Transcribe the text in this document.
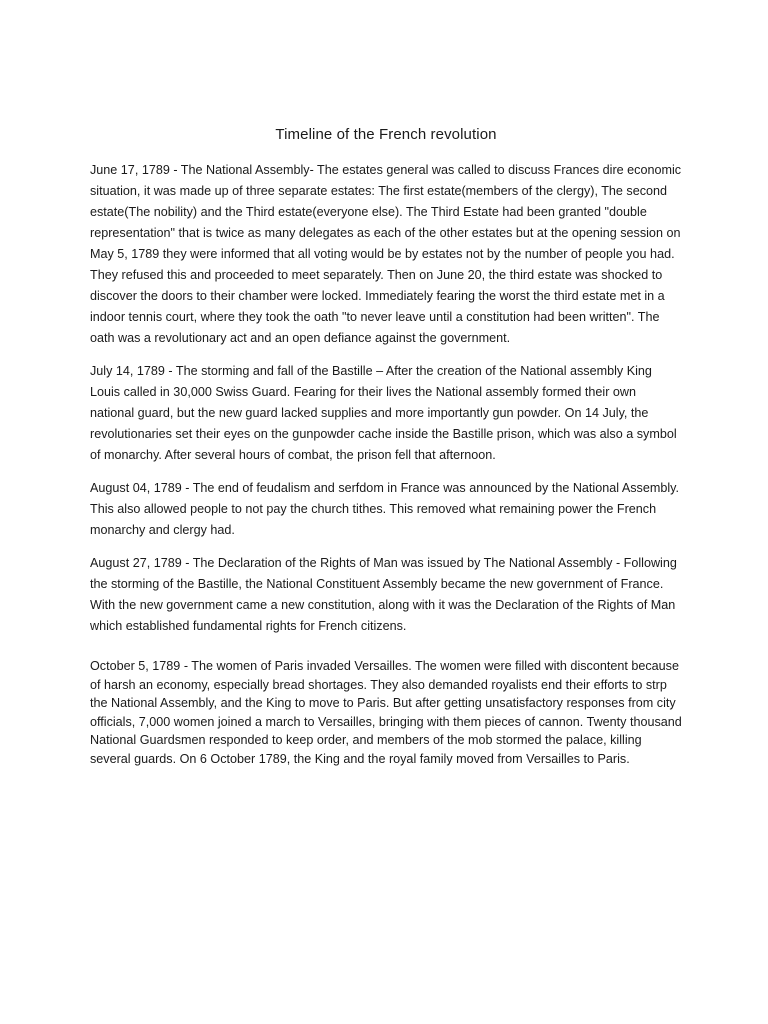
Timeline of the French revolution

June 17, 1789 - The National Assembly- The estates general was called to discuss Frances dire economic situation, it was made up of three separate estates: The first estate(members of the clergy), The second estate(The nobility) and the Third estate(everyone else). The Third Estate had been granted "double representation" that is twice as many delegates as each of the other estates but at the opening session on May 5, 1789 they were informed that all voting would be by estates not by the number of people you had. They refused this and proceeded to meet separately. Then on June 20, the third estate was shocked to discover the doors to their chamber were locked. Immediately fearing the worst the third estate met in a indoor tennis court, where they took the oath "to never leave until a constitution had been written". The oath was a revolutionary act and an open defiance against the government.

July 14, 1789 - The storming and fall of the Bastille – After the creation of the National assembly King Louis called in 30,000 Swiss Guard. Fearing for their lives the National assembly formed their own national guard, but the new guard lacked supplies and more importantly gun powder. On 14 July, the revolutionaries set their eyes on the gunpowder cache inside the Bastille prison, which was also a symbol of monarchy. After several hours of combat, the prison fell that afternoon.

August 04, 1789 - The end of feudalism and serfdom in France was announced by the National Assembly. This also allowed people to not pay the church tithes. This removed what remaining power the French monarchy and clergy had.

August 27, 1789 - The Declaration of the Rights of Man was issued by The National Assembly - Following the storming of the Bastille, the National Constituent Assembly became the new government of France. With the new government came a new constitution, along with it was the Declaration of the Rights of Man which established fundamental rights for French citizens.

October 5, 1789 - The women of Paris invaded Versailles. The women were filled with discontent because of harsh an economy, especially bread shortages. They also demanded royalists end their efforts to strp the National Assembly, and the King to move to Paris. But after getting unsatisfactory responses from city officials, 7,000 women joined a march to Versailles, bringing with them pieces of cannon. Twenty thousand National Guardsmen responded to keep order, and members of the mob stormed the palace, killing several guards. On 6 October 1789, the King and the royal family moved from Versailles to Paris.
